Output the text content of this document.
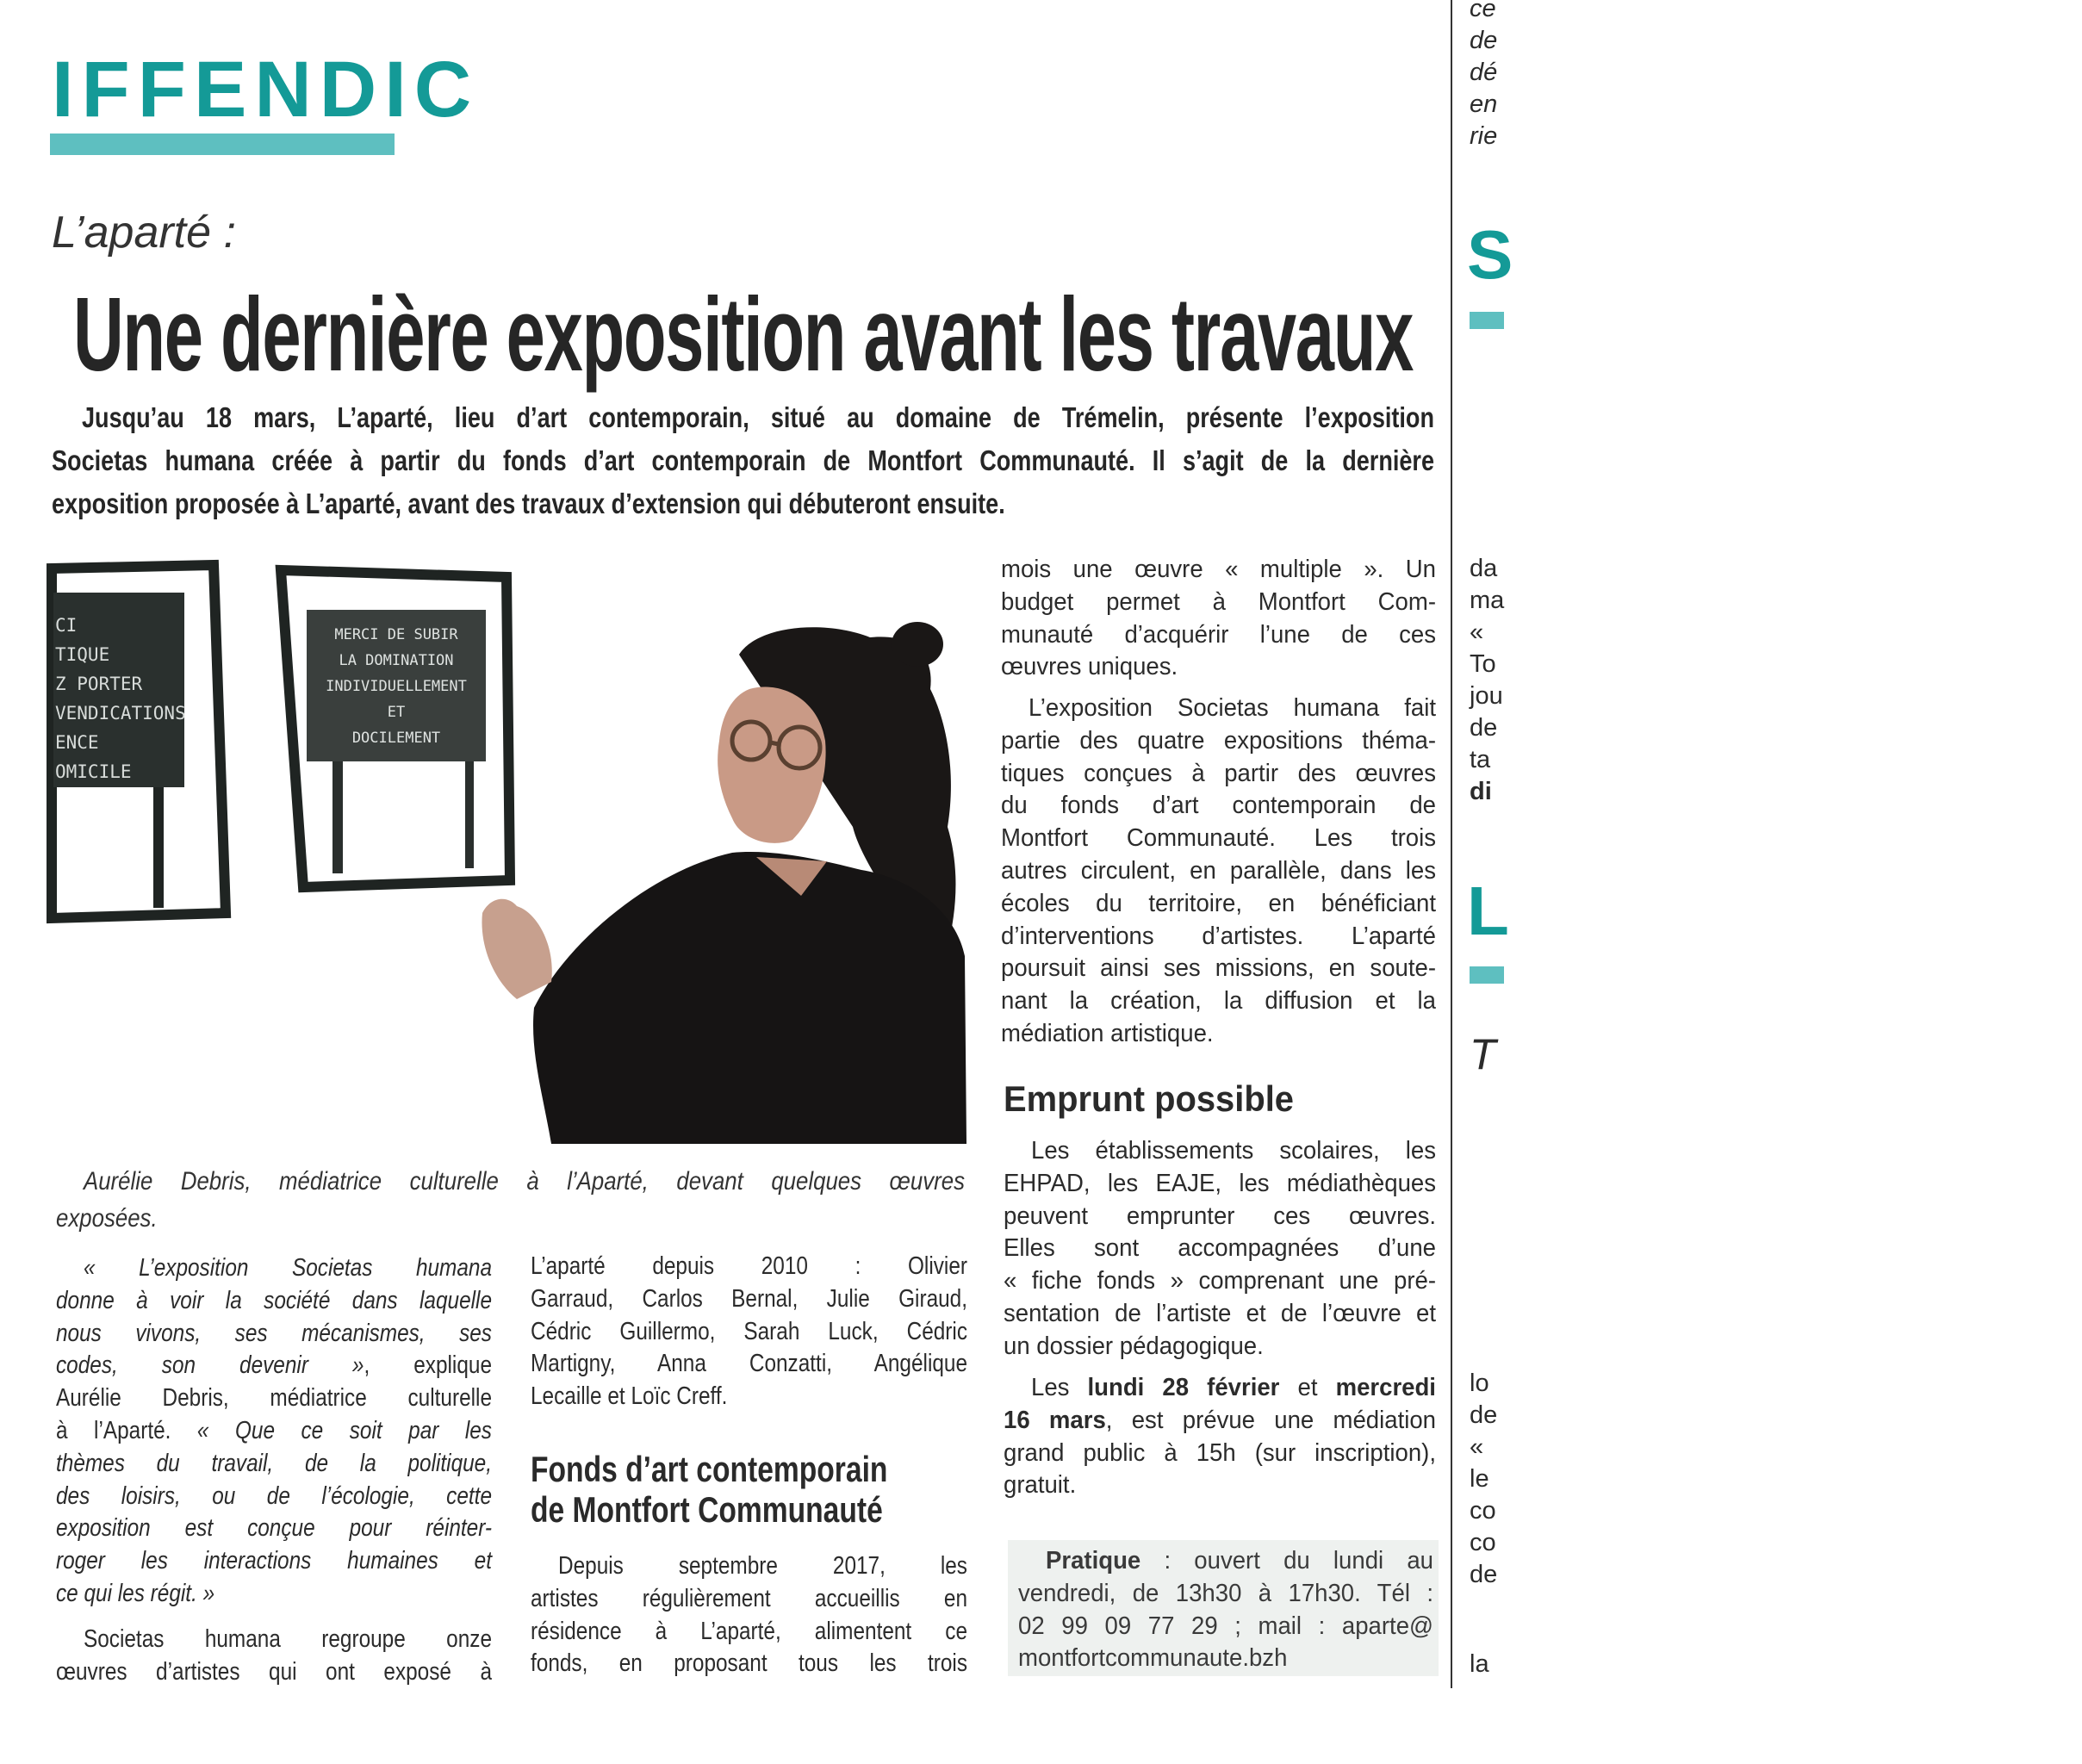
IFFENDIC
L’aparté :
Une dernière exposition avant les travaux
Jusqu’au 18 mars, L’aparté, lieu d’art contemporain, situé au domaine de Trémelin, présente l’exposition
Societas humana créée à partir du fonds d’art contemporain de Montfort Communauté. Il s’agit de la dernière
exposition proposée à L’aparté, avant des travaux d’extension qui débuteront ensuite.
CI
TIQUE
Z PORTER
VENDICATIONS
ENCE
OMICILE
MERCI DE SUBIR
LA DOMINATION
INDIVIDUELLEMENT
ET
DOCILEMENT
Aurélie Debris, médiatrice culturelle à l’Aparté, devant quelques œuvres
exposées.
« L’exposition Societas humana
donne à voir la société dans laquelle
nous vivons, ses mécanismes, ses
codes, son devenir », explique
Aurélie Debris, médiatrice culturelle
à l’Aparté. « Que ce soit par les
thèmes du travail, de la politique,
des loisirs, ou de l’écologie, cette
exposition est conçue pour réinter-
roger les interactions humaines et
ce qui les régit. »
Societas humana regroupe onze
œuvres d’artistes qui ont exposé à
L’aparté depuis 2010 : Olivier
Garraud, Carlos Bernal, Julie Giraud,
Cédric Guillermo, Sarah Luck, Cédric
Martigny, Anna Conzatti, Angélique
Lecaille et Loïc Creff.
Fonds d’art contemporain
de Montfort Communauté
Depuis septembre 2017, les
artistes régulièrement accueillis en
résidence à L’aparté, alimentent ce
fonds, en proposant tous les trois
mois une œuvre « multiple ». Un
budget permet à Montfort Com-
munauté d’acquérir l’une de ces
œuvres uniques.
L’exposition Societas humana fait
partie des quatre expositions théma-
tiques conçues à partir des œuvres
du fonds d’art contemporain de
Montfort Communauté. Les trois
autres circulent, en parallèle, dans les
écoles du territoire, en bénéficiant
d’interventions d’artistes. L’aparté
poursuit ainsi ses missions, en soute-
nant la création, la diffusion et la
médiation artistique.
Emprunt possible
Les établissements scolaires, les
EHPAD, les EAJE, les médiathèques
peuvent emprunter ces œuvres.
Elles sont accompagnées d’une
« fiche fonds » comprenant une pré-
sentation de l’artiste et de l’œuvre et
un dossier pédagogique.
Les lundi 28 février et mercredi
16 mars, est prévue une médiation
grand public à 15h (sur inscription),
gratuit.
Pratique : ouvert du lundi au
vendredi, de 13h30 à 17h30. Tél :
02 99 09 77 29 ; mail : aparte@
montfortcommunaute.bzh
ce
de
dé
en
rie
S
da
ma
«
To
jou
de
ta
di
L
T
lo
de
«
le
co
co
de
la
